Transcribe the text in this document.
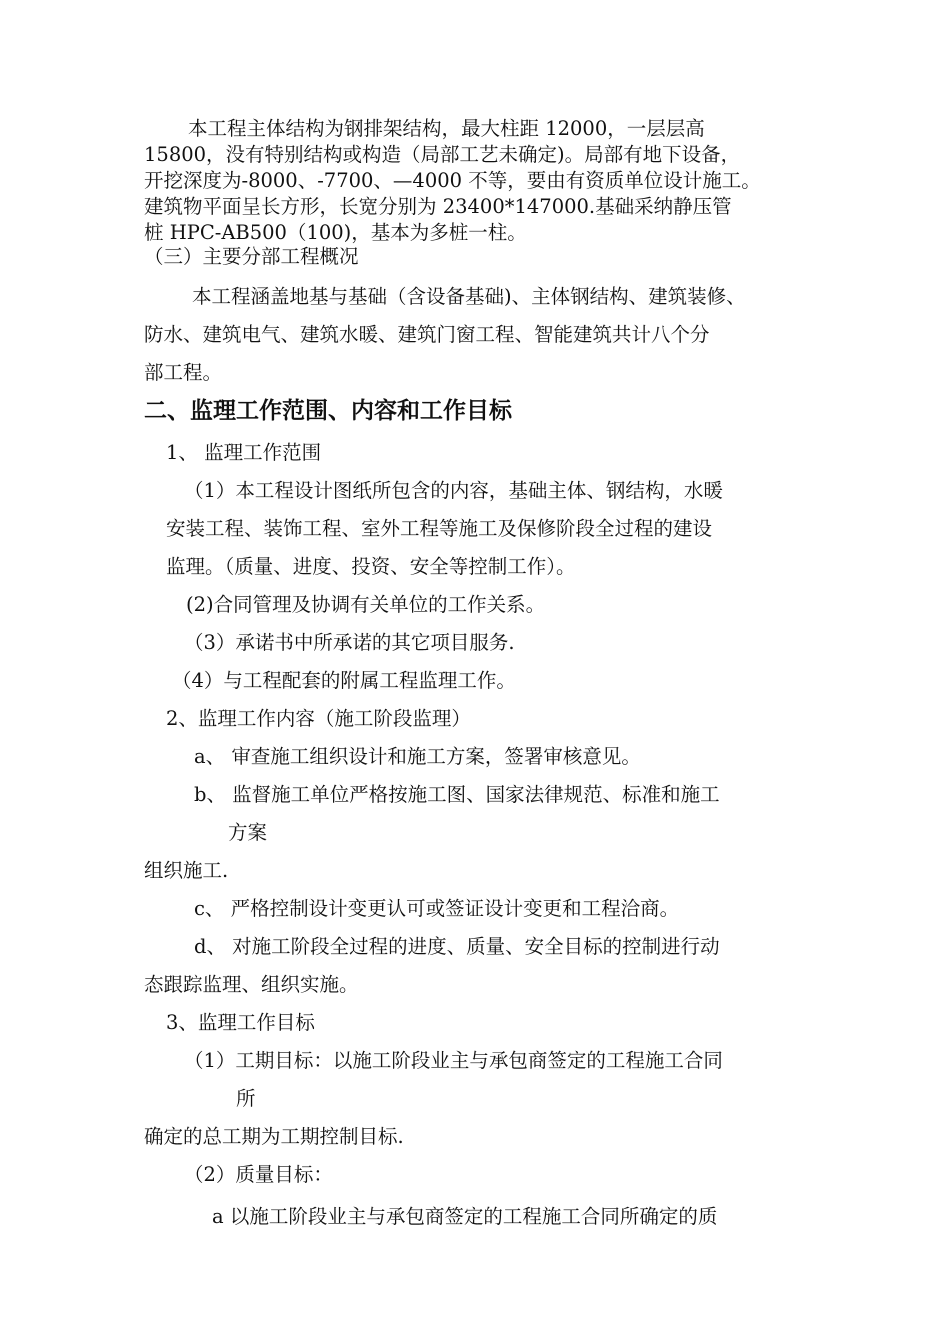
本工程主体结构为钢排架结构，最大柱距 12000，一层层高
15800，没有特别结构或构造（局部工艺未确定)。局部有地下设备，
开挖深度为-8000、-7700、—4000 不等，要由有资质单位设计施工。
建筑物平面呈长方形，长宽分别为 23400*147000.基础采纳静压管
桩 HPC-AB500（100)，基本为多桩一柱。
（三）主要分部工程概况
本工程涵盖地基与基础（含设备基础)、主体钢结构、建筑装修、
防水、建筑电气、建筑水暖、建筑门窗工程、智能建筑共计八个分
部工程。
二、监理工作范围、内容和工作目标
1、 监理工作范围
（1）本工程设计图纸所包含的内容，基础主体、钢结构，水暖
安装工程、装饰工程、室外工程等施工及保修阶段全过程的建设
监理。（质量、进度、投资、安全等控制工作）。
(2)合同管理及协调有关单位的工作关系。
（3）承诺书中所承诺的其它项目服务.
（4）与工程配套的附属工程监理工作。
2、监理工作内容（施工阶段监理）
a、 审查施工组织设计和施工方案，签署审核意见。
b、 监督施工单位严格按施工图、国家法律规范、标准和施工
方案
组织施工.
c、 严格控制设计变更认可或签证设计变更和工程洽商。
d、 对施工阶段全过程的进度、质量、安全目标的控制进行动
态跟踪监理、组织实施。
3、监理工作目标
（1）工期目标：以施工阶段业主与承包商签定的工程施工合同
所
确定的总工期为工期控制目标.
（2）质量目标：
a 以施工阶段业主与承包商签定的工程施工合同所确定的质
